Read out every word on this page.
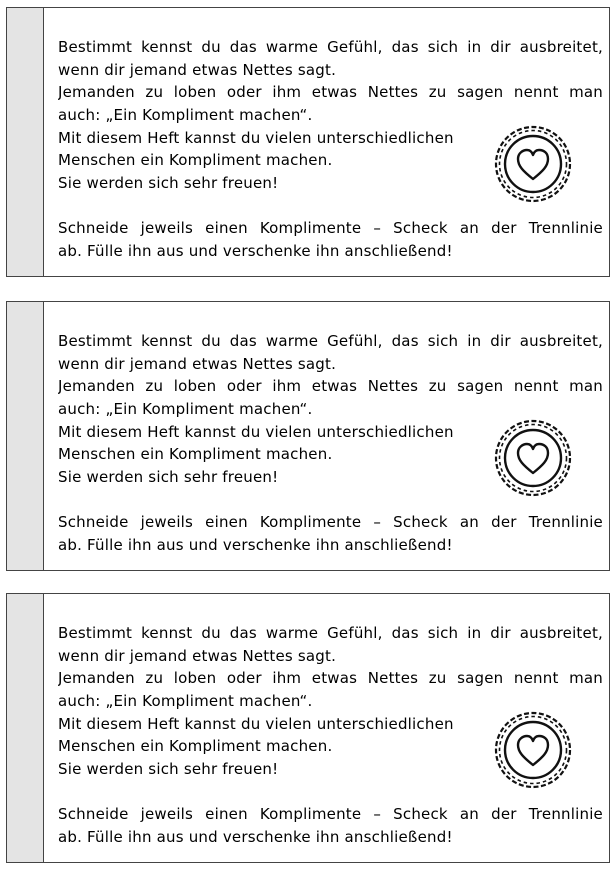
Bestimmt kennst du das warme Gefühl, das sich in dir ausbreitet,
wenn dir jemand etwas Nettes sagt.
Jemanden zu loben oder ihm etwas Nettes zu sagen nennt man
auch: „Ein Kompliment machen“.
Mit diesem Heft kannst du vielen unterschiedlichen
Menschen ein Kompliment machen.
Sie werden sich sehr freuen!
Schneide jeweils einen Komplimente – Scheck an der Trennlinie
ab. Fülle ihn aus und verschenke ihn anschließend!
Bestimmt kennst du das warme Gefühl, das sich in dir ausbreitet,
wenn dir jemand etwas Nettes sagt.
Jemanden zu loben oder ihm etwas Nettes zu sagen nennt man
auch: „Ein Kompliment machen“.
Mit diesem Heft kannst du vielen unterschiedlichen
Menschen ein Kompliment machen.
Sie werden sich sehr freuen!
Schneide jeweils einen Komplimente – Scheck an der Trennlinie
ab. Fülle ihn aus und verschenke ihn anschließend!
Bestimmt kennst du das warme Gefühl, das sich in dir ausbreitet,
wenn dir jemand etwas Nettes sagt.
Jemanden zu loben oder ihm etwas Nettes zu sagen nennt man
auch: „Ein Kompliment machen“.
Mit diesem Heft kannst du vielen unterschiedlichen
Menschen ein Kompliment machen.
Sie werden sich sehr freuen!
Schneide jeweils einen Komplimente – Scheck an der Trennlinie
ab. Fülle ihn aus und verschenke ihn anschließend!
